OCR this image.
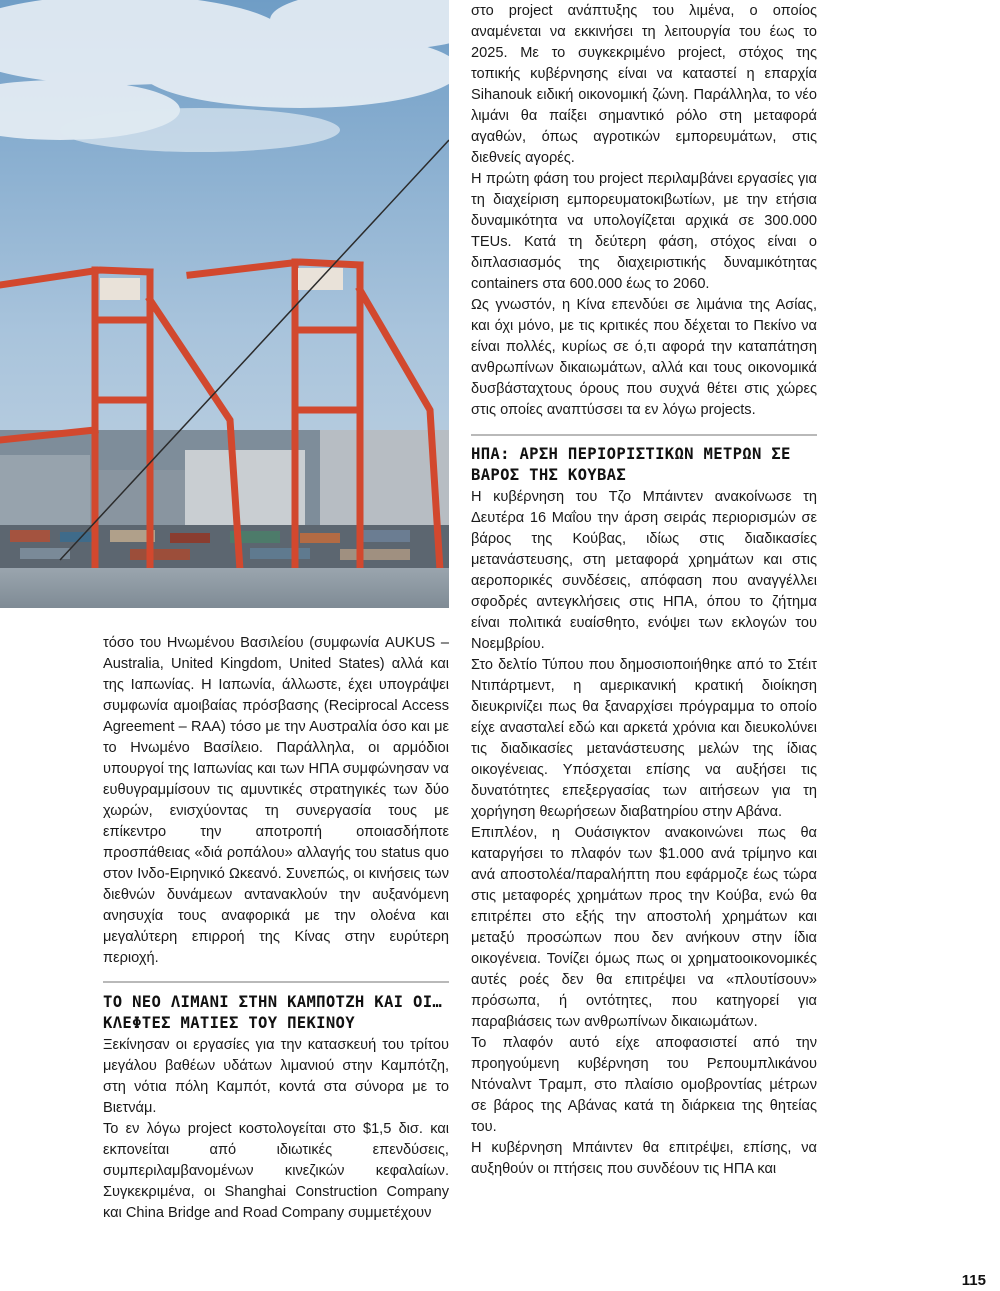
τόσο του Ηνωμένου Βασιλείου (συμφωνία AUKUS – Australia, United Kingdom, United States) αλλά και της Ιαπωνίας. Η Ιαπωνία, άλλωστε, έχει υπογράψει συμφωνία αμοιβαίας πρόσβασης (Reciprocal Access Agreement – RAA) τόσο με την Αυστραλία όσο και με το Ηνωμένο Βασίλειο. Παράλληλα, οι αρμόδιοι υπουργοί της Ιαπωνίας και των ΗΠΑ συμφώνησαν να ευθυγραμμίσουν τις αμυντικές στρατηγικές των δύο χωρών, ενισχύοντας τη συνεργασία τους με επίκεντρο την αποτροπή οποιασδήποτε προσπάθειας «διά ροπάλου» αλλαγής του status quo στον Ινδο-Ειρηνικό Ωκεανό. Συνεπώς, οι κινήσεις των διεθνών δυνάμεων αντανακλούν την αυξανόμενη ανησυχία τους αναφορικά με την ολοένα και μεγαλύτερη επιρροή της Κίνας στην ευρύτερη περιοχή.

ΤΟ ΝΕΟ ΛΙΜΑΝΙ ΣΤΗΝ ΚΑΜΠΟΤΖΗ ΚΑΙ ΟΙ… ΚΛΕΦΤΕΣ ΜΑΤΙΕΣ ΤΟΥ ΠΕΚΙΝΟΥ

Ξεκίνησαν οι εργασίες για την κατασκευή του τρίτου μεγάλου βαθέων υδάτων λιμανιού στην Καμπότζη, στη νότια πόλη Καμπότ, κοντά στα σύνορα με το Βιετνάμ.

Το εν λόγω project κοστολογείται στο $1,5 δισ. και εκπονείται από ιδιωτικές επενδύσεις, συμπεριλαμβανομένων κινεζικών κεφαλαίων. Συγκεκριμένα, οι Shanghai Construction Company και China Bridge and Road Company συμμετέχουν

στο project ανάπτυξης του λιμένα, ο οποίος αναμένεται να εκκινήσει τη λειτουργία του έως το 2025. Με το συγκεκριμένο project, στόχος της τοπικής κυβέρνησης είναι να καταστεί η επαρχία Sihanouk ειδική οικονομική ζώνη. Παράλληλα, το νέο λιμάνι θα παίξει σημαντικό ρόλο στη μεταφορά αγαθών, όπως αγροτικών εμπορευμάτων, στις διεθνείς αγορές.

Η πρώτη φάση του project περιλαμβάνει εργασίες για τη διαχείριση εμπορευματοκιβωτίων, με την ετήσια δυναμικότητα να υπολογίζεται αρχικά σε 300.000 TEUs. Κατά τη δεύτερη φάση, στόχος είναι ο διπλασιασμός της διαχειριστικής δυναμικότητας containers στα 600.000 έως το 2060.

Ως γνωστόν, η Κίνα επενδύει σε λιμάνια της Ασίας, και όχι μόνο, με τις κριτικές που δέχεται το Πεκίνο να είναι πολλές, κυρίως σε ό,τι αφορά την καταπάτηση ανθρωπίνων δικαιωμάτων, αλλά και τους οικονομικά δυσβάσταχτους όρους που συχνά θέτει στις χώρες στις οποίες αναπτύσσει τα εν λόγω projects.

ΗΠΑ: ΑΡΣΗ ΠΕΡΙΟΡΙΣΤΙΚΩΝ ΜΕΤΡΩΝ ΣΕ ΒΑΡΟΣ ΤΗΣ ΚΟΥΒΑΣ

Η κυβέρνηση του Τζο Μπάιντεν ανακοίνωσε τη Δευτέρα 16 Μαΐου την άρση σειράς περιορισμών σε βάρος της Κούβας, ιδίως στις διαδικασίες μετανάστευσης, στη μεταφορά χρημάτων και στις αεροπορικές συνδέσεις, απόφαση που αναγγέλλει σφοδρές αντεγκλήσεις στις ΗΠΑ, όπου το ζήτημα είναι πολιτικά ευαίσθητο, ενόψει των εκλογών του Νοεμβρίου.

Στο δελτίο Τύπου που δημοσιοποιήθηκε από το Στέιτ Ντιπάρτμεντ, η αμερικανική κρατική διοίκηση διευκρινίζει πως θα ξαναρχίσει πρόγραμμα το οποίο είχε ανασταλεί εδώ και αρκετά χρόνια και διευκολύνει τις διαδικασίες μετανάστευσης μελών της ίδιας οικογένειας. Υπόσχεται επίσης να αυξήσει τις δυνατότητες επεξεργασίας των αιτήσεων για τη χορήγηση θεωρήσεων διαβατηρίου στην Αβάνα.

Επιπλέον, η Ουάσιγκτον ανακοινώνει πως θα καταργήσει το πλαφόν των $1.000 ανά τρίμηνο και ανά αποστολέα/παραλήπτη που εφάρμοζε έως τώρα στις μεταφορές χρημάτων προς την Κούβα, ενώ θα επιτρέπει στο εξής την αποστολή χρημάτων και μεταξύ προσώπων που δεν ανήκουν στην ίδια οικογένεια. Τονίζει όμως πως οι χρηματοοικονομικές αυτές ροές δεν θα επιτρέψει να «πλουτίσουν» πρόσωπα, ή οντότητες, που κατηγορεί για παραβιάσεις των ανθρωπίνων δικαιωμάτων.

Το πλαφόν αυτό είχε αποφασιστεί από την προηγούμενη κυβέρνηση του Ρεπουμπλικάνου Ντόναλντ Τραμπ, στο πλαίσιο ομοβροντίας μέτρων σε βάρος της Αβάνας κατά τη διάρκεια της θητείας του.

Η κυβέρνηση Μπάιντεν θα επιτρέψει, επίσης, να αυξηθούν οι πτήσεις που συνδέουν τις ΗΠΑ και

115
